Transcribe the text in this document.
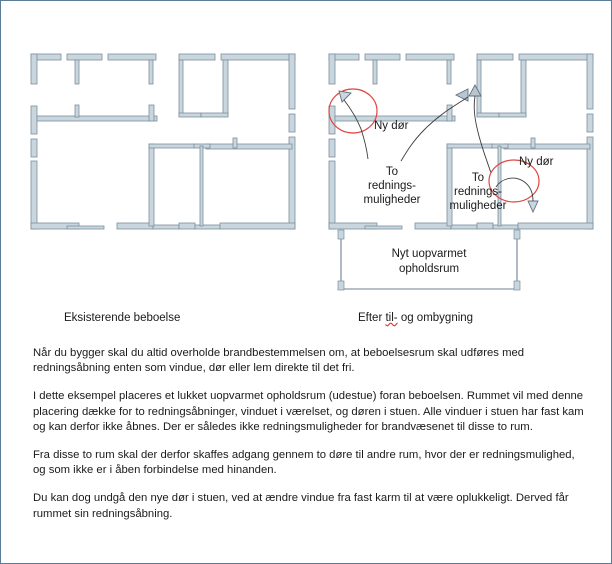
Ny dør
Ny dør
To
rednings-
muligheder
To
rednings-
muligheder
Nyt uopvarmet
opholdsrum
Eksisterende beboelse	Efter til- og ombygning

Når du bygger skal du altid overholde brandbestemmelsen om, at beboelsesrum skal udføres med redningsåbning enten som vindue, dør eller lem direkte til det fri.

I dette eksempel placeres et lukket uopvarmet opholdsrum (udestue) foran beboelsen. Rummet vil med denne placering dække for to redningsåbninger, vinduet i værelset, og døren i stuen. Alle vinduer i stuen har fast kam og kan derfor ikke åbnes. Der er således ikke redningsmuligheder for brandvæsenet til disse to rum.

Fra disse to rum skal der derfor skaffes adgang gennem to døre til andre rum, hvor der er redningsmulighed, og som ikke er i åben forbindelse med hinanden.

Du kan dog undgå den nye dør i stuen, ved at ændre vindue fra fast karm til at være oplukkeligt. Derved får rummet sin redningsåbning.
